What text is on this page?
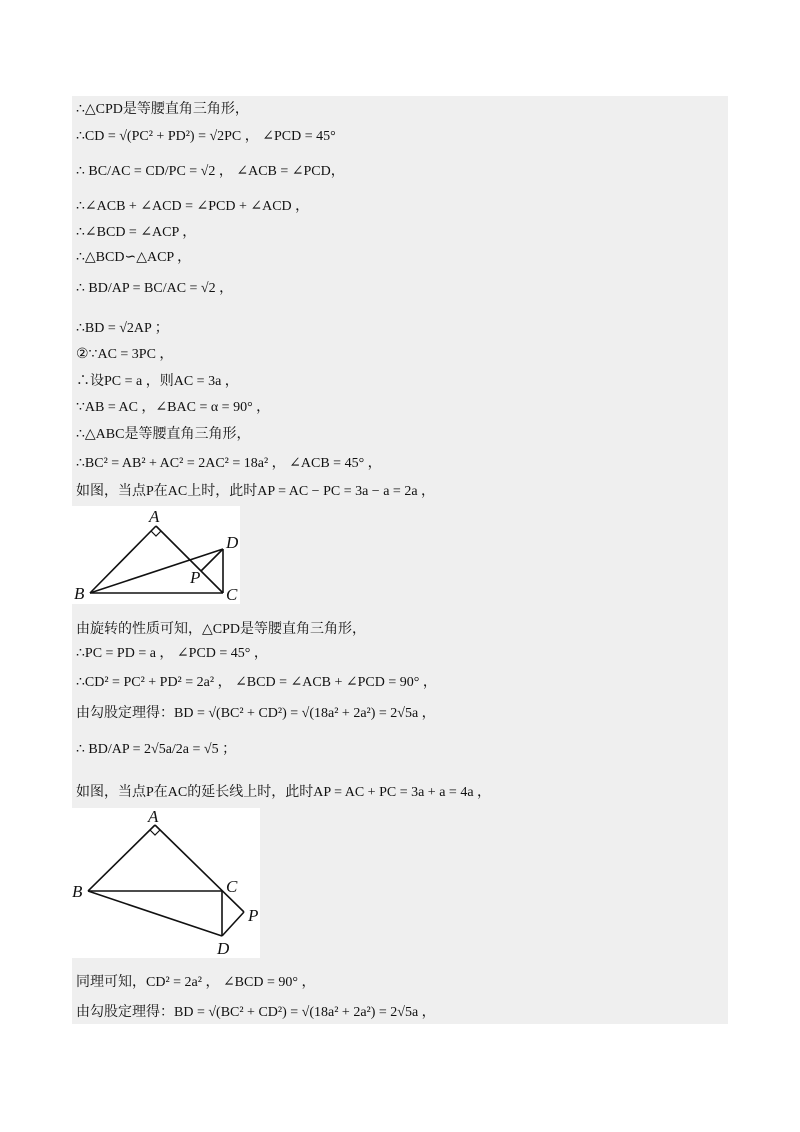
∴△CPD是等腰直角三角形，
∴CD = √(PC² + PD²) = √2PC ， ∠PCD = 45°
∴ BC/AC = CD/PC = √2 ， ∠ACB = ∠PCD，
∴∠ACB + ∠ACD = ∠PCD + ∠ACD ，
∴∠BCD = ∠ACP ，
∴△BCD∽△ACP ，
∴ BD/AP = BC/AC = √2 ，
∴BD = √2AP ；
②∵AC = 3PC ，
∴设PC = a ，则AC = 3a ，
∵AB = AC ，∠BAC = α = 90° ，
∴△ABC是等腰直角三角形，
∴BC² = AB² + AC² = 2AC² = 18a² ， ∠ACB = 45° ，
如图，当点P在AC上时，此时AP = AC − PC = 3a − a = 2a ，
A
B	C
D
P
由旋转的性质可知，△CPD是等腰直角三角形，
∴PC = PD = a ， ∠PCD = 45° ，
∴CD² = PC² + PD² = 2a² ， ∠BCD = ∠ACB + ∠PCD = 90° ，
由勾股定理得：BD = √(BC² + CD²) = √(18a² + 2a²) = 2√5a ，
∴ BD/AP = 2√5a/2a = √5 ；
如图，当点P在AC的延长线上时，此时AP = AC + PC = 3a + a = 4a ，
A
B	C
D
P
同理可知，CD² = 2a² ， ∠BCD = 90° ，
由勾股定理得：BD = √(BC² + CD²) = √(18a² + 2a²) = 2√5a ，
